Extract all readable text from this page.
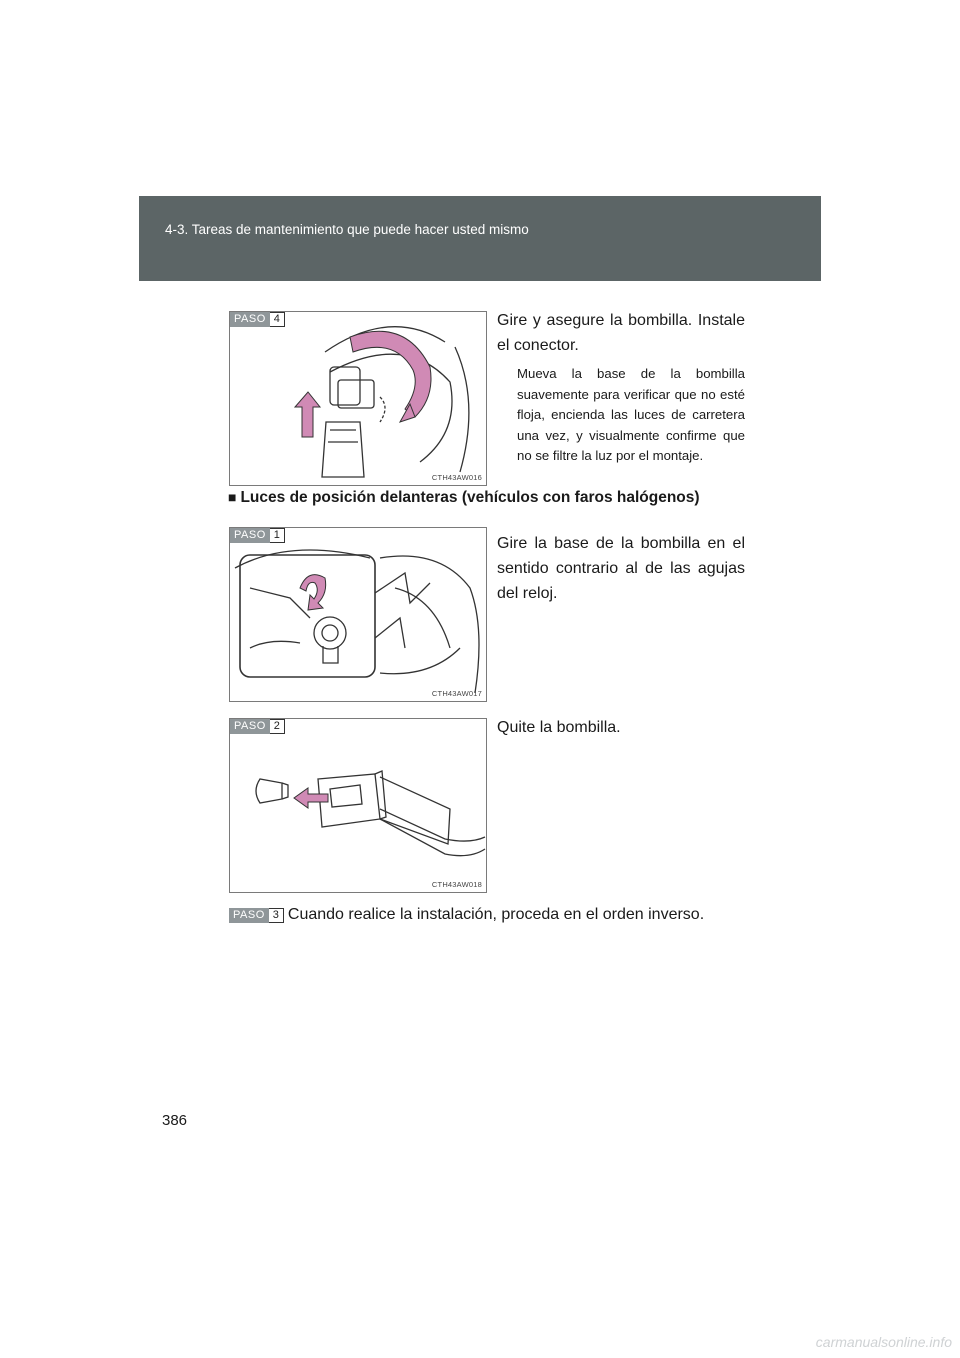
4-3. Tareas de mantenimiento que puede hacer usted mismo
PASO 4
CTH43AW016
Gire y asegure la bombilla. Instale el conector.
Mueva la base de la bombilla suavemente para verificar que no esté floja, encienda las luces de carretera una vez, y visualmente confirme que no se filtre la luz por el montaje.
■ Luces de posición delanteras (vehículos con faros halógenos)
PASO 1
CTH43AW017
Gire la base de la bombilla en el sentido contrario al de las agujas del reloj.
PASO 2
CTH43AW018
Quite la bombilla.
PASO 3 Cuando realice la instalación, proceda en el orden inverso.
386
carmanualsonline.info
